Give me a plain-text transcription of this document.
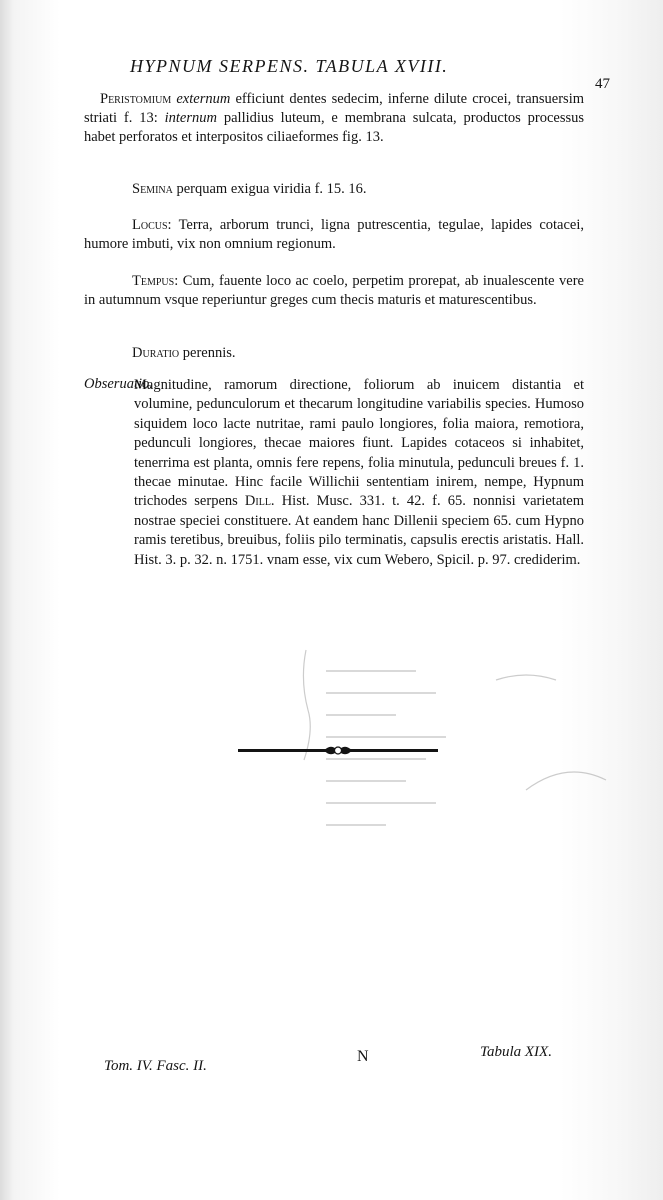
HYPNUM SERPENS. TABULA XVIII.
47

Peristomium externum efficiunt dentes sedecim, inferne dilute crocei, transuersim striati f. 13: internum pallidius luteum, e membrana sulcata, productos processus habet perforatos et interpositos ciliaeformes fig. 13.

Semina perquam exigua viridia f. 15. 16.

Locus: Terra, arborum trunci, ligna putrescentia, tegulae, lapides cotacei, humore imbuti, vix non omnium regionum.

Tempus: Cum, fauente loco ac coelo, perpetim prorepat, ab inualescente vere in autumnum vsque reperiuntur greges cum thecis maturis et maturescentibus.

Duratio perennis.

Obseruatio.
Magnitudine, ramorum directione, foliorum ab inuicem distantia et volumine, pedunculorum et thecarum longitudine variabilis species. Humoso siquidem loco lacte nutritae, rami paulo longiores, folia maiora, remotiora, pedunculi longiores, thecae maiores fiunt. Lapides cotaceos si inhabitet, tenerrima est planta, omnis fere repens, folia minutula, pedunculi breues f. 1. thecae minutae. Hinc facile Willichii sententiam inirem, nempe, Hypnum trichodes serpens Dill. Hist. Musc. 331. t. 42. f. 65. nonnisi varietatem nostrae speciei constituere. At eandem hanc Dillenii speciem 65. cum Hypno ramis teretibus, breuibus, foliis pilo terminatis, capsulis erectis aristatis. Hall. Hist. 3. p. 32. n. 1751. vnam esse, vix cum Webero, Spicil. p. 97. crediderim.
Tom. IV. Fasc. II.
N	Tabula XIX.
